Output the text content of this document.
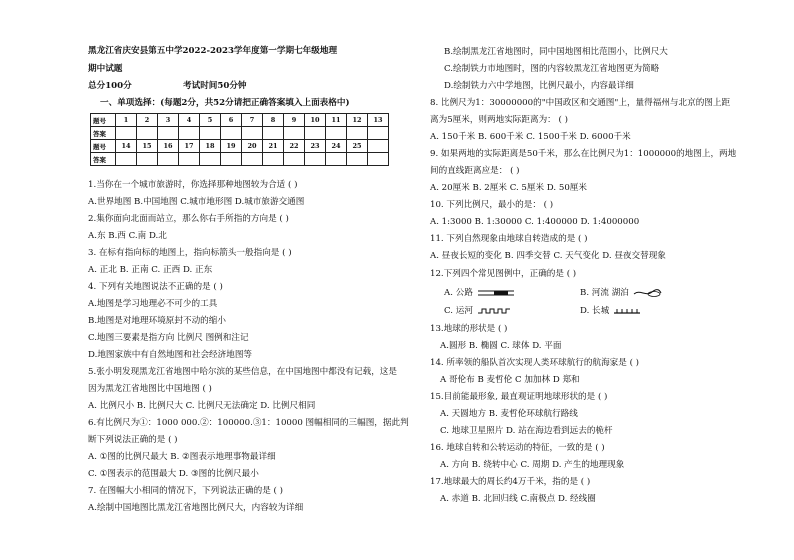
黑龙江省庆安县第五中学2022-2023学年度第一学期七年级地理
期中试题
总分100分	考试时间50分钟
一、单项选择：(每题2分，共52分请把正确答案填入上面表格中)
题号	1	2	3	4	5	6	7	8	9	10	11	12	13
答案													
题号	14	15	16	17	18	19	20	21	22	23	24	25	
答案													
1.当你在一个城市旅游时，你选择那种地图较为合适 ( )
A.世界地图 B.中国地图 C.城市地形图 D.城市旅游交通图
2.集你面向北面而站立，那么你右手所指的方向是 ( )
A.东 B.西 C.南 D.北
3. 在标有指向标的地图上，指向标箭头一般指向是 ( )
A. 正北 B. 正南 C. 正西 D. 正东
4. 下列有关地图说法不正确的是 ( )
A.地图是学习地理必不可少的工具
B.地图是对地理环境原封不动的缩小
C.地图三要素是指方向 比例尺 图例和注记
D.地图家族中有自然地图和社会经济地图等
5.张小明发现黑龙江省地图中哈尔滨的某些信息，在中国地图中都没有记载，这是
因为黑龙江省地图比中国地图 ( )
A. 比例尺小 B. 比例尺大 C. 比例尺无法确定 D. 比例尺相同
6.有比例尺为①：1000 000.②：100000.③1：10000 图幅相同的三幅图，据此判
断下列说法正确的是 ( )
A. ①图的比例尺最大 B. ②图表示地理事物最详细
C. ①图表示的范围最大 D. ③图的比例尺最小
7. 在图幅大小相同的情况下，下列说法正确的是 ( )
A.绘制中国地图比黑龙江省地图比例尺大，内容较为详细
B.绘制黑龙江省地图时，同中国地图相比范围小，比例尺大
C.绘制铁力市地图时，图的内容较黑龙江省地图更为简略
D.绘制铁力六中学地图，比例尺最小，内容最详细
8. 比例尺为1：30000000的"中国政区和交通图"上，量得福州与北京的图上距
离为5厘米，则两地实际距离为： ( )
A. 150千米 B. 600千米 C. 1500千米 D. 6000千米
9. 如果两地的实际距离是50千米，那么在比例尺为1：1000000的地图上，两地
间的直线距离应是： ( )
A. 20厘米 B. 2厘米 C. 5厘米 D. 50厘米
10. 下列比例尺，最小的是： ( )
A. 1:3000 B. 1:30000 C. 1:400000 D. 1:4000000
11. 下列自然现象由地球自转造成的是 ( )
A. 昼夜长短的变化 B. 四季交替 C. 天气变化 D. 昼夜交替现象
12.下列四个常见图例中，正确的是 ( )
A. 公路	B. 河流 湖泊
C. 运河	D. 长城
13.地球的形状是 ( )
A.圆形 B. 椭圆 C. 球体 D. 平面
14. 所率领的船队首次实现人类环球航行的航海家是 ( )
A 哥伦布 B 麦哲伦 C 加加林 D 郑和
15.目前能最形象, 最直观证明地球形状的是 ( )
A. 天圆地方 B. 麦哲伦环球航行路线
C. 地球卫星照片 D. 站在海边看到远去的桅杆
16. 地球自转和公转运动的特征，一致的是 ( )
A. 方向 B. 绕转中心 C. 周期 D. 产生的地理现象
17.地球最大的周长约4万千米，指的是 ( )
A. 赤道 B. 北回归线 C.南极点 D. 经线圈
